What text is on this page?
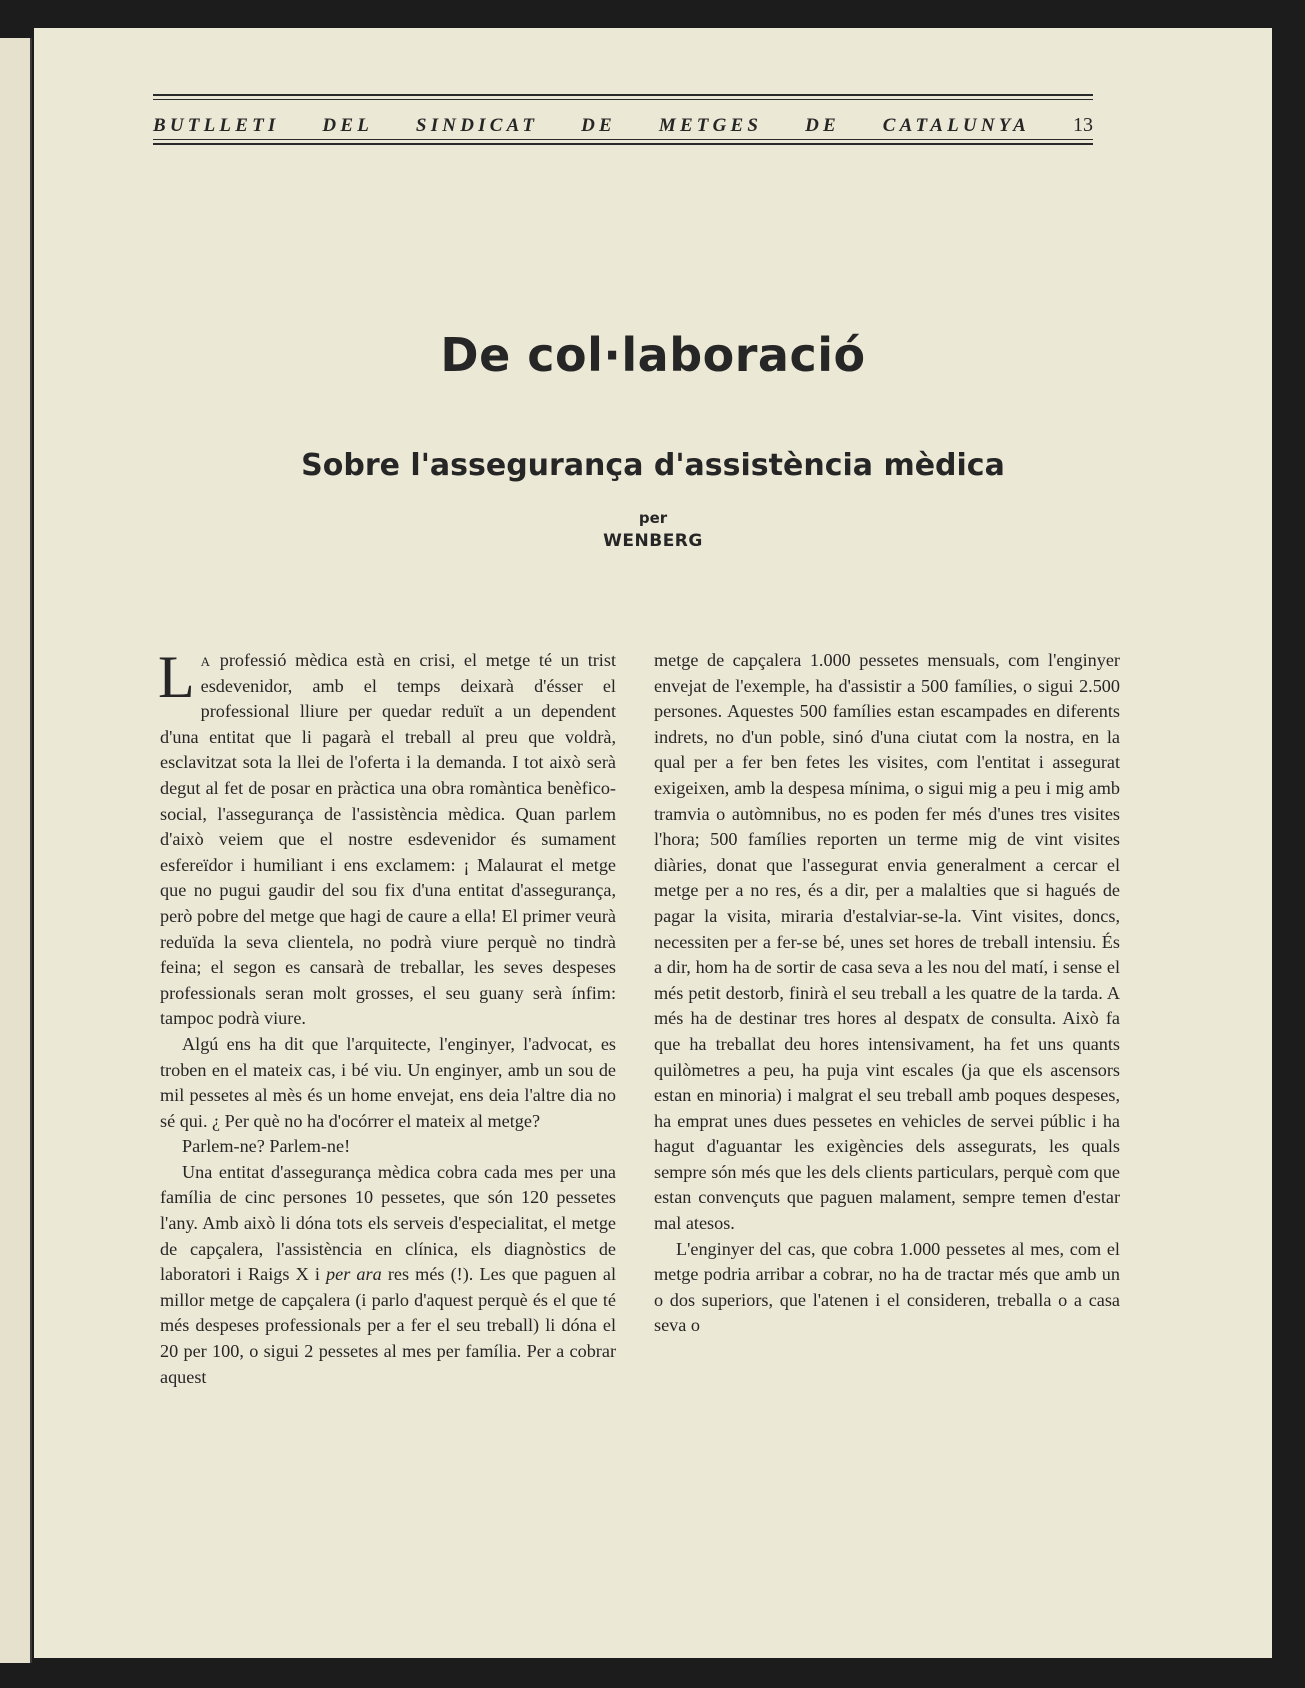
BUTLLETI DEL SINDICAT DE METGES DE CATALUNYA 13
De col·laboració
Sobre l'assegurança d'assistència mèdica
per
WENBERG

La professió mèdica està en crisi, el metge té un trist esdevenidor, amb el temps deixarà d'ésser el professional lliure per quedar reduït a un dependent d'una entitat que li pagarà el treball al preu que voldrà, esclavitzat sota la llei de l'oferta i la demanda. I tot això serà degut al fet de posar en pràctica una obra romàntica benèfico-social, l'assegurança de l'assistència mèdica. Quan parlem d'això veiem que el nostre esdevenidor és sumament esfereïdor i humiliant i ens exclamem: ¡ Malaurat el metge que no pugui gaudir del sou fix d'una entitat d'assegurança, però pobre del metge que hagi de caure a ella! El primer veurà reduïda la seva clientela, no podrà viure perquè no tindrà feina; el segon es cansarà de treballar, les seves despeses professionals seran molt grosses, el seu guany serà ínfim: tampoc podrà viure.

Algú ens ha dit que l'arquitecte, l'enginyer, l'advocat, es troben en el mateix cas, i bé viu. Un enginyer, amb un sou de mil pessetes al mès és un home envejat, ens deia l'altre dia no sé qui. ¿ Per què no ha d'ocórrer el mateix al metge?

Parlem-ne? Parlem-ne!

Una entitat d'assegurança mèdica cobra cada mes per una família de cinc persones 10 pessetes, que són 120 pessetes l'any. Amb això li dóna tots els serveis d'especialitat, el metge de capçalera, l'assistència en clínica, els diagnòstics de laboratori i Raigs X i per ara res més (!). Les que paguen al millor metge de capçalera (i parlo d'aquest perquè és el que té més despeses professionals per a fer el seu treball) li dóna el 20 per 100, o sigui 2 pessetes al mes per família. Per a cobrar aquest

metge de capçalera 1.000 pessetes mensuals, com l'enginyer envejat de l'exemple, ha d'assistir a 500 famílies, o sigui 2.500 persones. Aquestes 500 famílies estan escampades en diferents indrets, no d'un poble, sinó d'una ciutat com la nostra, en la qual per a fer ben fetes les visites, com l'entitat i assegurat exigeixen, amb la despesa mínima, o sigui mig a peu i mig amb tramvia o autòmnibus, no es poden fer més d'unes tres visites l'hora; 500 famílies reporten un terme mig de vint visites diàries, donat que l'assegurat envia generalment a cercar el metge per a no res, és a dir, per a malalties que si hagués de pagar la visita, miraria d'estalviar-se-la. Vint visites, doncs, necessiten per a fer-se bé, unes set hores de treball intensiu. És a dir, hom ha de sortir de casa seva a les nou del matí, i sense el més petit destorb, finirà el seu treball a les quatre de la tarda. A més ha de destinar tres hores al despatx de consulta. Això fa que ha treballat deu hores intensivament, ha fet uns quants quilòmetres a peu, ha puja vint escales (ja que els ascensors estan en minoria) i malgrat el seu treball amb poques despeses, ha emprat unes dues pessetes en vehicles de servei públic i ha hagut d'aguantar les exigències dels assegurats, les quals sempre són més que les dels clients particulars, perquè com que estan convençuts que paguen malament, sempre temen d'estar mal atesos.

L'enginyer del cas, que cobra 1.000 pessetes al mes, com el metge podria arribar a cobrar, no ha de tractar més que amb un o dos superiors, que l'atenen i el consideren, treballa o a casa seva o
